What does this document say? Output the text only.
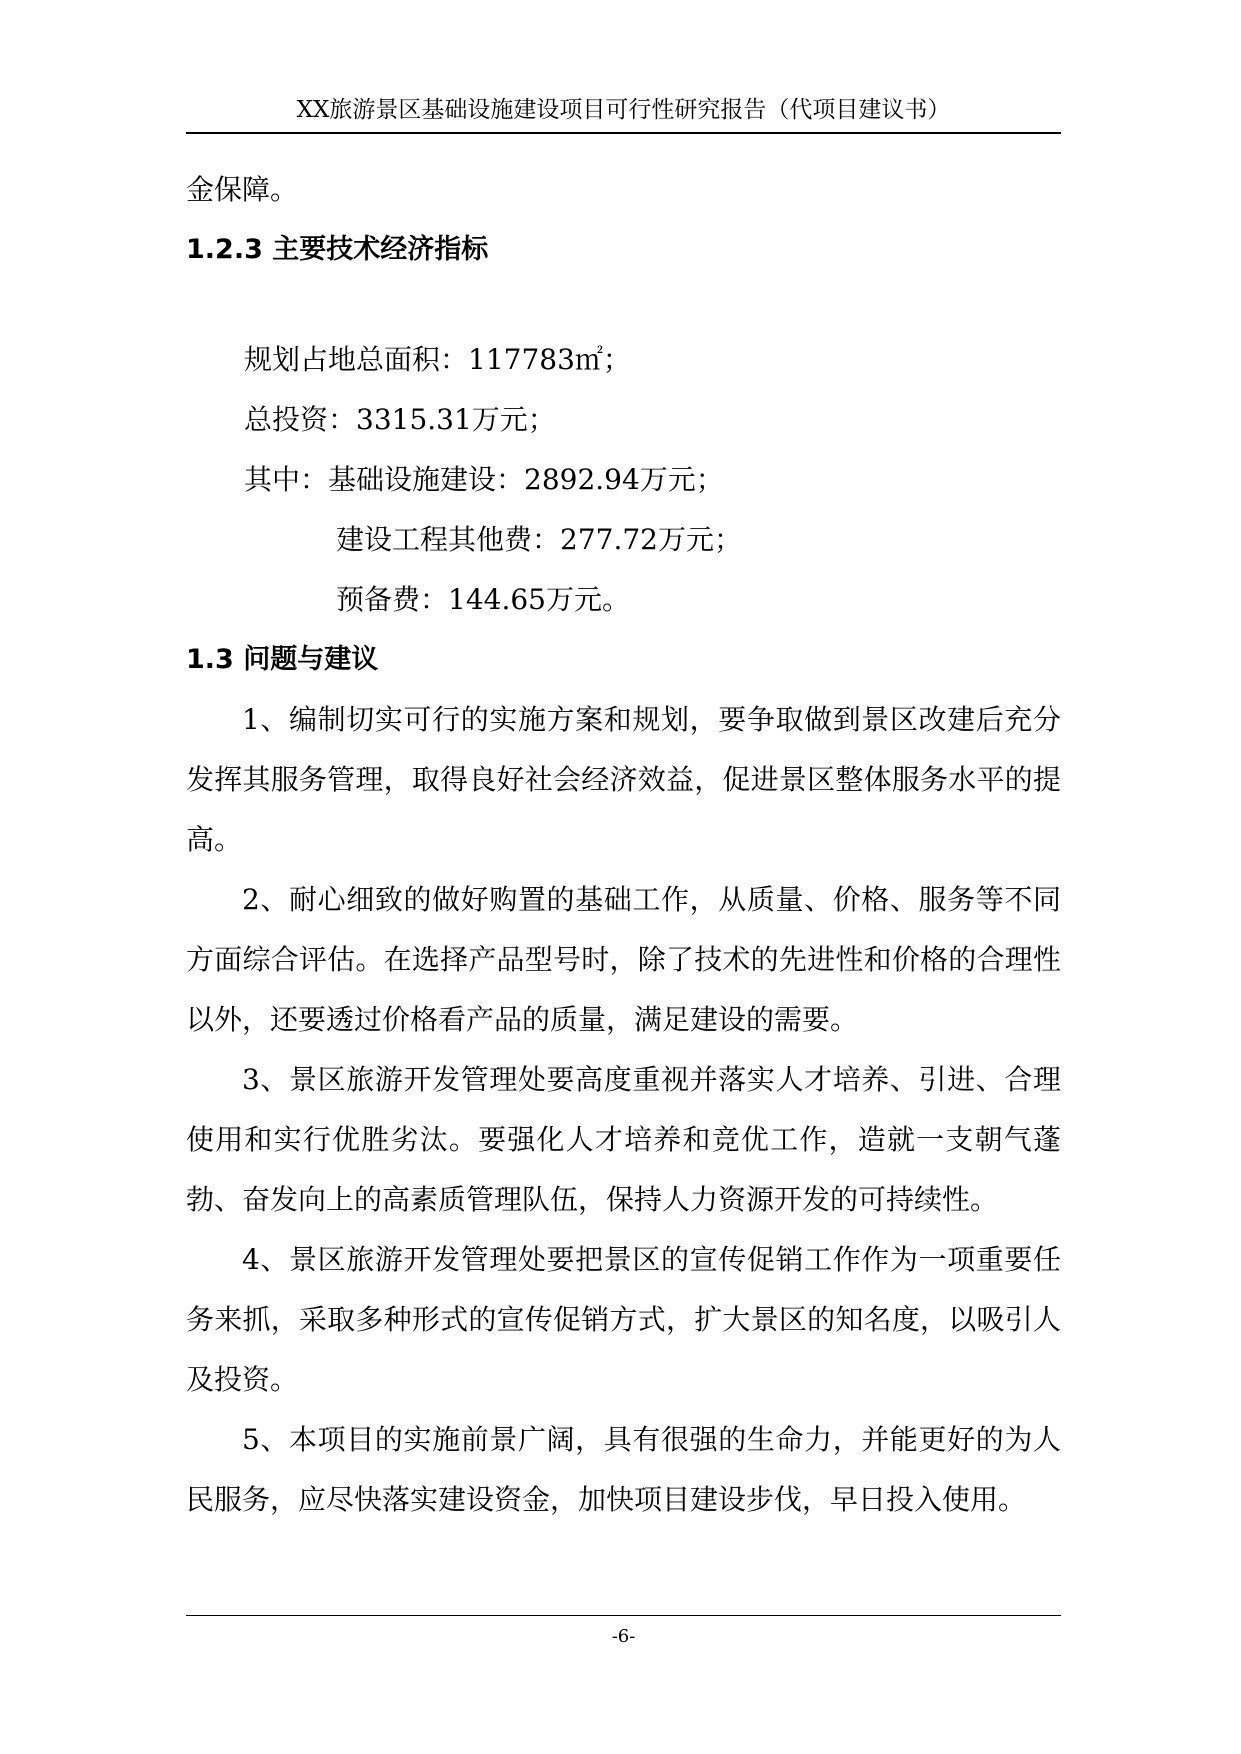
XX旅游景区基础设施建设项目可行性研究报告（代项目建议书）
金保障。
1.2.3 主要技术经济指标
规划占地总面积：117783㎡；
总投资：3315.31万元；
其中：基础设施建设：2892.94万元；
建设工程其他费：277.72万元；
预备费：144.65万元。
1.3 问题与建议

1、编制切实可行的实施方案和规划，要争取做到景区改建后充分发挥其服务管理，取得良好社会经济效益，促进景区整体服务水平的提高。

2、耐心细致的做好购置的基础工作，从质量、价格、服务等不同方面综合评估。在选择产品型号时，除了技术的先进性和价格的合理性以外，还要透过价格看产品的质量，满足建设的需要。

3、景区旅游开发管理处要高度重视并落实人才培养、引进、合理使用和实行优胜劣汰。要强化人才培养和竞优工作，造就一支朝气蓬勃、奋发向上的高素质管理队伍，保持人力资源开发的可持续性。

4、景区旅游开发管理处要把景区的宣传促销工作作为一项重要任务来抓，采取多种形式的宣传促销方式，扩大景区的知名度，以吸引人及投资。

5、本项目的实施前景广阔，具有很强的生命力，并能更好的为人民服务，应尽快落实建设资金，加快项目建设步伐，早日投入使用。

-6-
